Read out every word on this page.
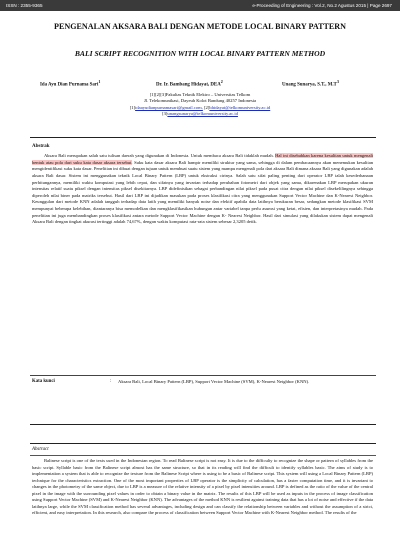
ISSN : 2355-9365	e-Proceeding of Engineering : Vol.2, No.2 Agustus 2015 | Page 2697
PENGENALAN AKSARA BALI DENGAN METODE LOCAL BINARY PATTERN
BALI SCRIPT RECOGNITION WITH LOCAL BINARY PATTERN METHOD
Ida Ayu Dian Purnama Sari$^1$
Dr. Ir. Bambang Hidayat, DEA$^2$
Unang Sunarya, S.T., $M.T^3$
[1][2][3]Fakultas Teknik Elektro – Universitas Telkom
Jl. Telekomunikasi, Dayeuh Kolot Bandung 40257 Indonesia
[1]idaayudianpurnamasari@gmail.com, [2]bhidayat@telkomuniversity.ac.id
[3]unangsunarya@telkomuniversity.ac.id
Abstrak

Aksara Bali merupakan salah satu tulisan daerah yang digunakan di Indonesia. Untuk membaca aksara Bali tidaklah mudah. Hal ini disebabkan karena kesulitan untuk mengenali bentuk atau pola dari suku kata dasar aksara tersebut. Suku kata dasar aksara Bali hampir memiliki struktur yang sama, sehingga di dalam pembacaannya akan menemukan kesulitan mengidentifikasi suku kata dasar. Penelitian ini dibuat dengan tujuan untuk membuat suatu sistem yang mampu mengenali pola dari aksara Bali dimana aksara Bali yang digunakan adalah aksara Bali dasar. Sistem ini menggunakan teknik Local Binary Pattern (LBP) untuk ekstraksi cirinya. Salah satu sifat paling penting dari operator LBP ialah kesederhanaan perhitungannya, memiliki waktu komputasi yang lebih cepat, dan sifatnya yang invarian terhadap perubahan fotometri dari objek yang sama, dikarenakan LBP merupakan ukuran intensitas relatif suatu piksel dengan intensitas piksel disekitarnya. LBP didefinisikan sebagai perbandingan nilai piksel pada pusat citra dengan nilai piksel disekelilingnya sehingga diperoleh nilai biner pada matriks tersebut. Hasil dari LBP ini dijadikan masukan pada proses klasifikasi citra yang menggunakan Support Vector Machine dan K-Nearest Neighbor. Keunggulan dari metode KNN adalah tangguh terhadap data latih yang memiliki banyak noise dan efektif apabila data latihnya berukuran besar, sedangkan metode klasifikasi SVM mempunyai beberapa kelebihan, diantaranya bisa memodelkan dan mengklasifikasikan hubungan antar variabel tanpa perlu asumsi yang ketat, efisien, dan interpretasinya mudah. Pada penelitian ini juga membandingkan proses klasifikasi antara metode Support Vector Machine dengan K- Nearest Neighbor. Hasil dari simulasi yang dilakukan sistem dapat mengenali Aksara Bali dengan tingkat akurasi tertinggi adalah 74,67%, dengan waktu komputasi rata-rata sistem sebesar 2,3205 detik.

Kata kunci	: Aksara Bali, Local Binary Pattern (LBP), Support Vector Machine (SVM), K-Nearest Neighbor (KNN).
Abstract

Balinese script is one of the texts used in the Indonesian region. To read Balinese script is not easy. It is due to the difficulty to recognize the shape or pattern of syllables from the basic script. Syllable basic from the Balinese script almost has the same structure, so that in its reading will find the difficult to identify syllables basic. The aims of study is to implementation a system that is able to recognize the texture from the Balinese Script where is using to be a basic of Balinese script. This system will using a Local Binary Pattern (LBP) technique for the characteristics extraction. One of the most important properties of LBP operator is the simplicity of calculation, has a faster computation time, and it is invariant to changes in the photometry of the same object, due to LBP is a measure of the relative intensity of a pixel by pixel intensities around. LBP is defined as the ratio of the value of the central pixel in the image with the surrounding pixel values in order to obtain a binary value in the matrix. The results of this LBP will be used as inputs in the process of image classification using Support Vector Machine (SVM) and K-Nearest Neighbor (KNN). The advantages of the method KNN is resilient against training data that has a lot of noise and effective if the data latihnya large, while the SVM classification method has several advantages, including design and can classify the relationship between variables and without the assumption of a strict, efficient, and easy interpretation. In this research, also compare the process of classification between Support Vector Machine with K-Nearest Neighbor method. The results of the
